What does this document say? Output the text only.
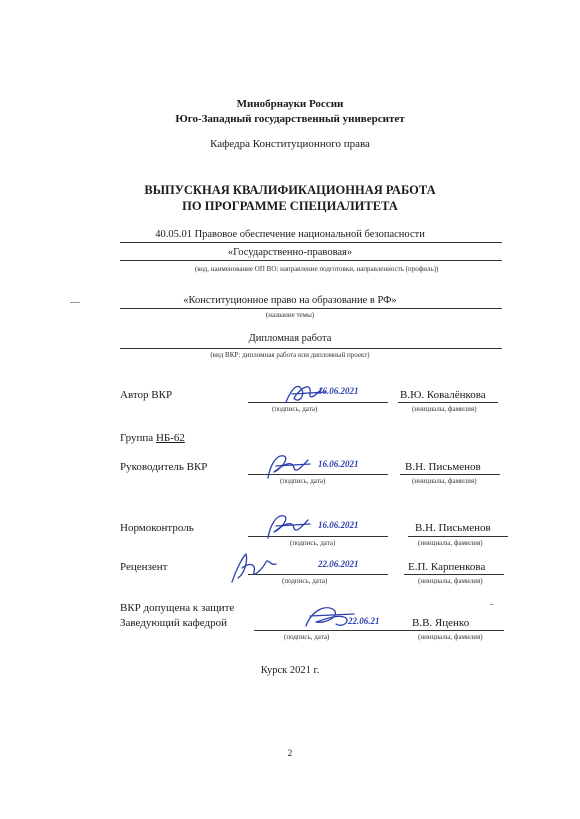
Минобрнауки России
Юго-Западный государственный университет
Кафедра Конституционного права
ВЫПУСКНАЯ КВАЛИФИКАЦИОННАЯ РАБОТА
ПО ПРОГРАММЕ СПЕЦИАЛИТЕТА
40.05.01 Правовое обеспечение национальной безопасности
«Государственно-правовая»
(код, наименование ОП ВО: направление подготовки, направленность (профиль))
«Конституционное право на образование в РФ»
(название темы)
Дипломная работа
(вид ВКР: дипломная работа или дипломный проект)
Автор ВКР	16.06.2021
(подпись, дата)
В.Ю. Ковалёнкова
(инициалы, фамилия)
Группа НБ-62
Руководитель ВКР	16.06.2021
(подпись, дата)
В.Н. Письменов
(инициалы, фамилия)
Нормоконтроль	16.06.2021
(подпись, дата)
В.Н. Письменов
(инициалы, фамилия)
Рецензент	22.06.2021
(подпись, дата)
Е.П. Карпенкова
(инициалы, фамилия)
ВКР допущена к защите
Заведующий кафедрой	22.06.21
(подпись, дата)
В.В. Яценко
(инициалы, фамилия)
Курск 2021 г.
2
